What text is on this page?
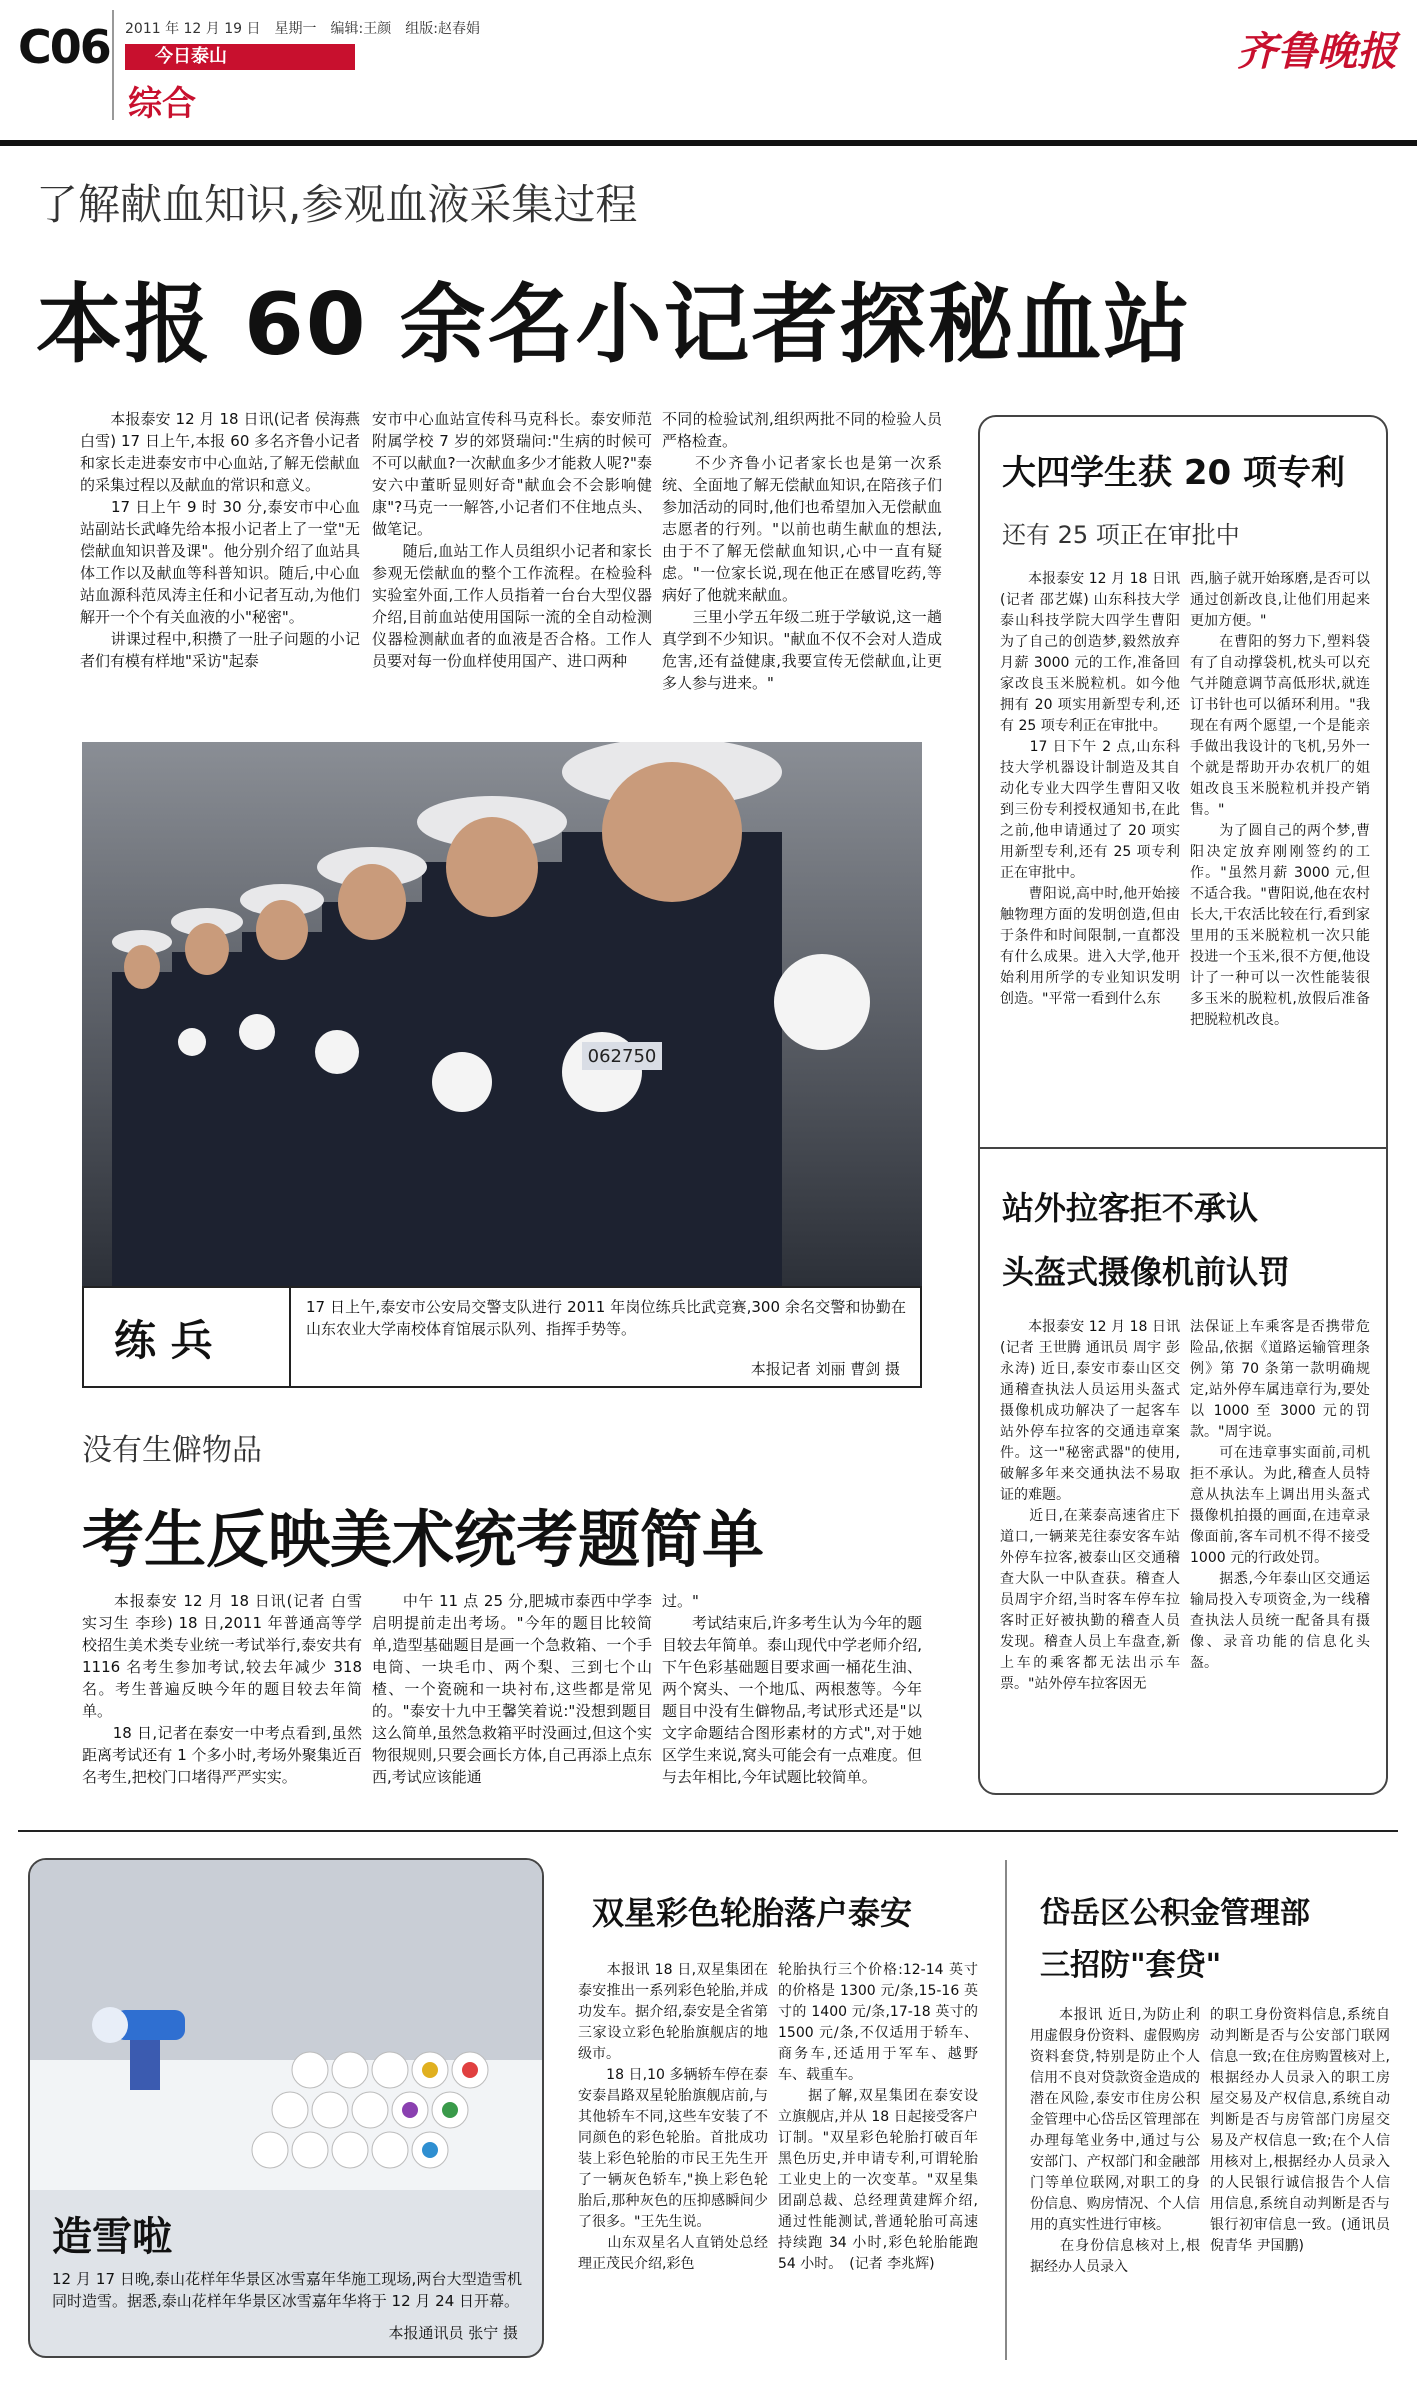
C06 2011 年 12 月 19 日　星期一　编辑:王颜　组版:赵春娟
今日泰山
综合
齐鲁晚报
了解献血知识,参观血液采集过程
本报 60 余名小记者探秘血站
　　本报泰安 12 月 18 日讯(记者 侯海燕 白雪) 17 日上午,本报 60 多名齐鲁小记者和家长走进泰安市中心血站,了解无偿献血的采集过程以及献血的常识和意义。
　　17 日上午 9 时 30 分,泰安市中心血站副站长武峰先给本报小记者上了一堂"无偿献血知识普及课"。他分别介绍了血站具体工作以及献血等科普知识。随后,中心血站血源科范凤涛主任和小记者互动,为他们解开一个个有关血液的小"秘密"。
　　讲课过程中,积攒了一肚子问题的小记者们有模有样地"采访"起泰
安市中心血站宣传科马克科长。泰安师范附属学校 7 岁的郊贤瑞问:"生病的时候可不可以献血?一次献血多少才能救人呢?"泰安六中董昕显则好奇"献血会不会影响健康"?马克一一解答,小记者们不住地点头、做笔记。
　　随后,血站工作人员组织小记者和家长参观无偿献血的整个工作流程。在检验科实验室外面,工作人员指着一台台大型仪器介绍,目前血站使用国际一流的全自动检测仪器检测献血者的血液是否合格。工作人员要对每一份血样使用国产、进口两种
不同的检验试剂,组织两批不同的检验人员严格检查。
　　不少齐鲁小记者家长也是第一次系统、全面地了解无偿献血知识,在陪孩子们参加活动的同时,他们也希望加入无偿献血志愿者的行列。"以前也萌生献血的想法,由于不了解无偿献血知识,心中一直有疑虑。"一位家长说,现在他正在感冒吃药,等病好了他就来献血。
　　三里小学五年级二班于学敏说,这一趟真学到不少知识。"献血不仅不会对人造成危害,还有益健康,我要宣传无偿献血,让更多人参与进来。"
062750
练 兵
17 日上午,泰安市公安局交警支队进行 2011 年岗位练兵比武竞赛,300 余名交警和协勤在山东农业大学南校体育馆展示队列、指挥手势等。
本报记者 刘丽 曹剑 摄
没有生僻物品
考生反映美术统考题简单
　　本报泰安 12 月 18 日讯(记者 白雪 实习生 李珍) 18 日,2011 年普通高等学校招生美术类专业统一考试举行,泰安共有 1116 名考生参加考试,较去年减少 318 名。考生普遍反映今年的题目较去年简单。
　　18 日,记者在泰安一中考点看到,虽然距离考试还有 1 个多小时,考场外聚集近百名考生,把校门口堵得严严实实。
　　中午 11 点 25 分,肥城市泰西中学李启明提前走出考场。"今年的题目比较简单,造型基础题目是画一个急救箱、一个手电筒、一块毛巾、两个梨、三到七个山楂、一个瓷碗和一块衬布,这些都是常见的。"泰安十九中王馨笑着说:"没想到题目这么简单,虽然急救箱平时没画过,但这个实物很规则,只要会画长方体,自己再添上点东西,考试应该能通
过。"
　　考试结束后,许多考生认为今年的题目较去年简单。泰山现代中学老师介绍,下午色彩基础题目要求画一桶花生油、两个窝头、一个地瓜、两根葱等。今年题目中没有生僻物品,考试形式还是"以文字命题结合图形素材的方式",对于她区学生来说,窝头可能会有一点难度。但与去年相比,今年试题比较简单。
大四学生获 20 项专利
还有 25 项正在审批中
　　本报泰安 12 月 18 日讯(记者 邵艺媒) 山东科技大学泰山科技学院大四学生曹阳为了自己的创造梦,毅然放弃月薪 3000 元的工作,准备回家改良玉米脱粒机。如今他拥有 20 项实用新型专利,还有 25 项专利正在审批中。
　　17 日下午 2 点,山东科技大学机器设计制造及其自动化专业大四学生曹阳又收到三份专利授权通知书,在此之前,他申请通过了 20 项实用新型专利,还有 25 项专利正在审批中。
　　曹阳说,高中时,他开始接触物理方面的发明创造,但由于条件和时间限制,一直都没有什么成果。进入大学,他开始利用所学的专业知识发明创造。"平常一看到什么东
西,脑子就开始琢磨,是否可以通过创新改良,让他们用起来更加方便。"
　　在曹阳的努力下,塑料袋有了自动撑袋机,枕头可以充气并随意调节高低形状,就连订书针也可以循环利用。"我现在有两个愿望,一个是能亲手做出我设计的飞机,另外一个就是帮助开办农机厂的姐姐改良玉米脱粒机并投产销售。"
　　为了圆自己的两个梦,曹阳决定放弃刚刚签约的工作。"虽然月薪 3000 元,但不适合我。"曹阳说,他在农村长大,干农活比较在行,看到家里用的玉米脱粒机一次只能投进一个玉米,很不方便,他设计了一种可以一次性能装很多玉米的脱粒机,放假后准备把脱粒机改良。
站外拉客拒不承认
头盔式摄像机前认罚
　　本报泰安 12 月 18 日讯(记者 王世腾 通讯员 周宇 彭永涛) 近日,泰安市泰山区交通稽查执法人员运用头盔式摄像机成功解决了一起客车站外停车拉客的交通违章案件。这一"秘密武器"的使用,破解多年来交通执法不易取证的难题。
　　近日,在莱泰高速省庄下道口,一辆莱芜往泰安客车站外停车拉客,被泰山区交通稽查大队一中队查获。稽查人员周宇介绍,当时客车停车拉客时正好被执勤的稽查人员发现。稽查人员上车盘查,新上车的乘客都无法出示车票。"站外停车拉客因无
法保证上车乘客是否携带危险品,依据《道路运输管理条例》第 70 条第一款明确规定,站外停车属违章行为,要处以 1000 至 3000 元的罚款。"周宇说。
　　可在违章事实面前,司机拒不承认。为此,稽查人员特意从执法车上调出用头盔式摄像机拍摄的画面,在违章录像面前,客车司机不得不接受 1000 元的行政处罚。
　　据悉,今年泰山区交通运输局投入专项资金,为一线稽查执法人员统一配备具有摄像、录音功能的信息化头盔。
造雪啦
12 月 17 日晚,泰山花样年华景区冰雪嘉年华施工现场,两台大型造雪机同时造雪。据悉,泰山花样年华景区冰雪嘉年华将于 12 月 24 日开幕。
本报通讯员 张宁 摄
双星彩色轮胎落户泰安
　　本报讯 18 日,双星集团在泰安推出一系列彩色轮胎,并成功发车。据介绍,泰安是全省第三家设立彩色轮胎旗舰店的地级市。
　　18 日,10 多辆轿车停在泰安泰昌路双星轮胎旗舰店前,与其他轿车不同,这些车安装了不同颜色的彩色轮胎。首批成功装上彩色轮胎的市民王先生开了一辆灰色轿车,"换上彩色轮胎后,那种灰色的压抑感瞬间少了很多。"王先生说。
　　山东双星名人直销处总经理正茂民介绍,彩色
轮胎执行三个价格:12-14 英寸的价格是 1300 元/条,15-16 英寸的 1400 元/条,17-18 英寸的 1500 元/条,不仅适用于轿车、商务车,还适用于军车、越野车、载重车。
　　据了解,双星集团在泰安设立旗舰店,并从 18 日起接受客户订制。"双星彩色轮胎打破百年黑色历史,并申请专利,可谓轮胎工业史上的一次变革。"双星集团副总裁、总经理黄建辉介绍,通过性能测试,普通轮胎可高速持续跑 34 小时,彩色轮胎能跑 54 小时。　(记者 李兆辉)
岱岳区公积金管理部
三招防"套贷"
　　本报讯 近日,为防止利用虚假身份资料、虚假购房资料套贷,特别是防止个人信用不良对贷款资金造成的潜在风险,泰安市住房公积金管理中心岱岳区管理部在办理每笔业务中,通过与公安部门、产权部门和金融部门等单位联网,对职工的身份信息、购房情况、个人信用的真实性进行审核。
　　在身份信息核对上,根据经办人员录入
的职工身份资料信息,系统自动判断是否与公安部门联网信息一致;在住房购置核对上,根据经办人员录入的职工房屋交易及产权信息,系统自动判断是否与房管部门房屋交易及产权信息一致;在个人信用核对上,根据经办人员录入的人民银行诚信报告个人信用信息,系统自动判断是否与银行初审信息一致。(通讯员 倪青华 尹国鹏)
